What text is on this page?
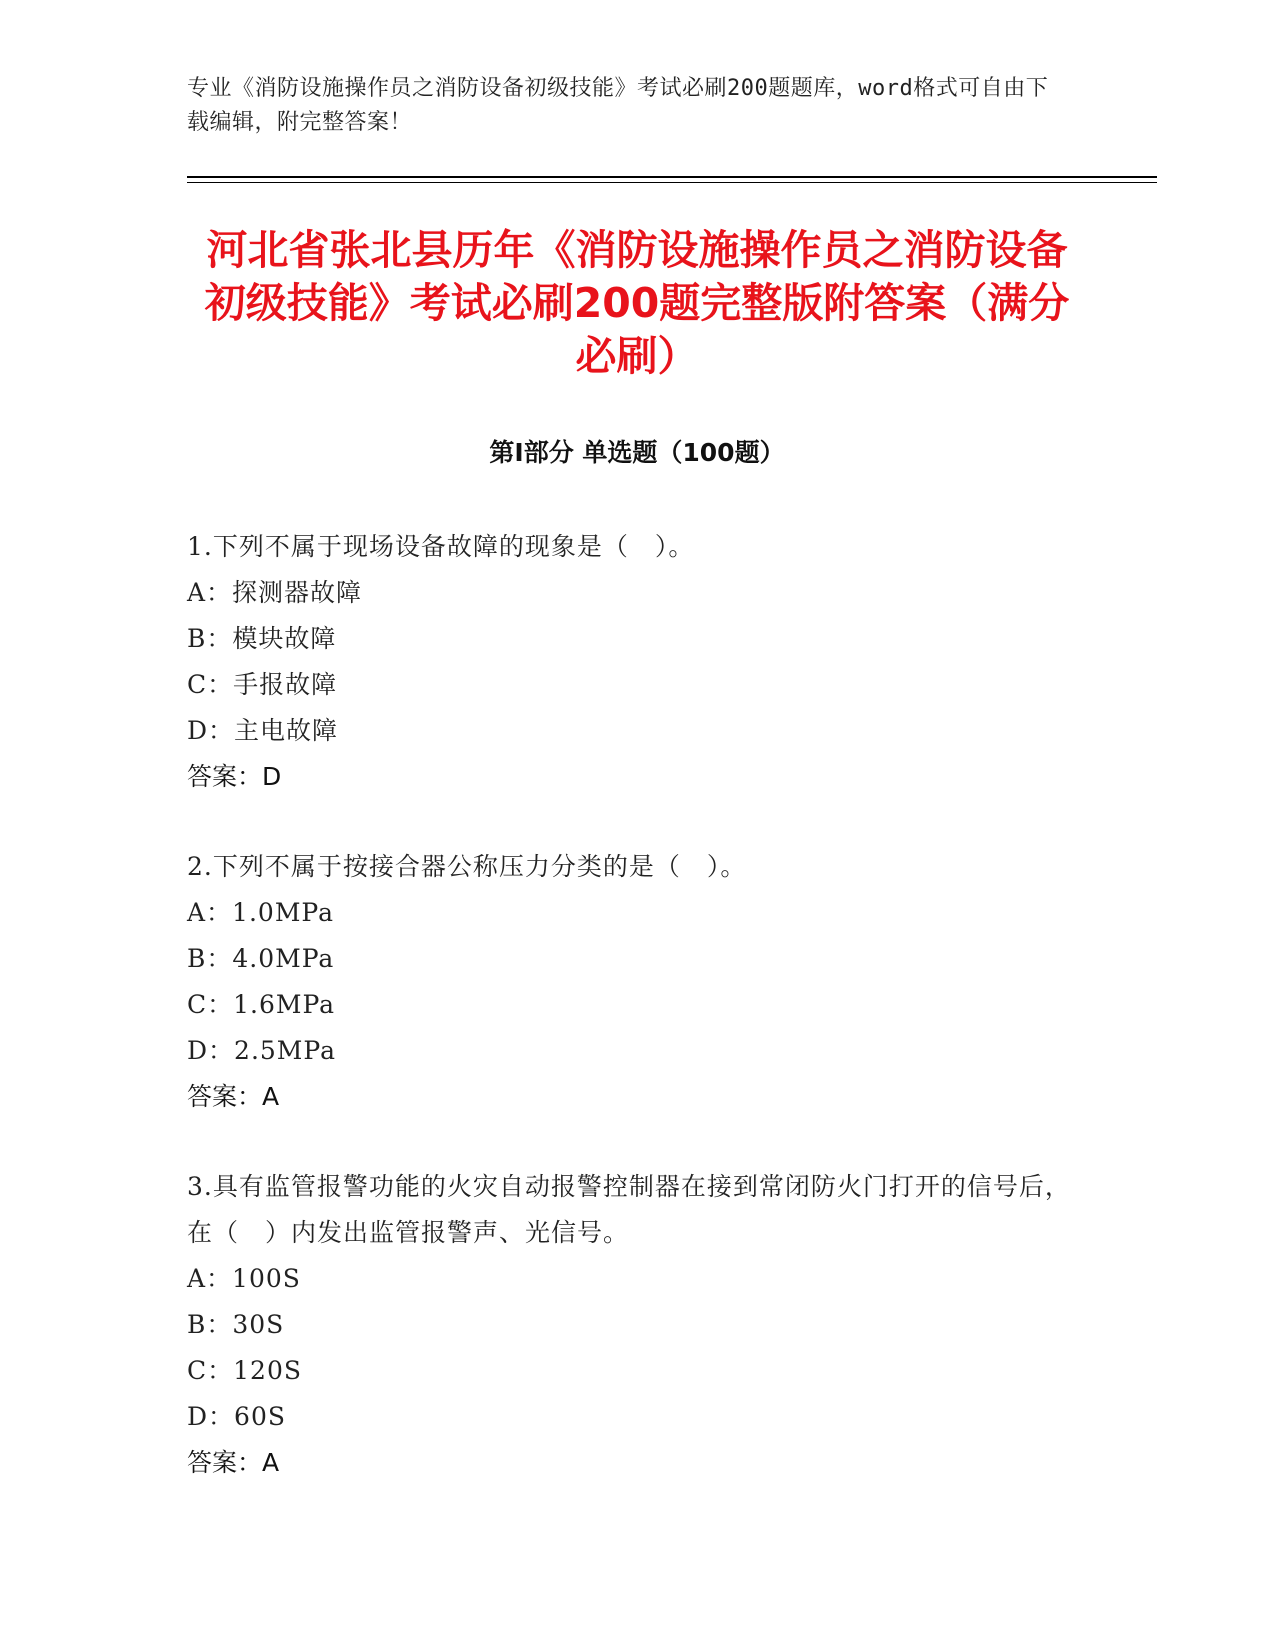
专业《消防设施操作员之消防设备初级技能》考试必刷200题题库，word格式可自由下载编辑，附完整答案！
河北省张北县历年《消防设施操作员之消防设备初级技能》考试必刷200题完整版附答案（满分必刷）
第I部分 单选题（100题）

1.下列不属于现场设备故障的现象是（　）。

A：探测器故障

B：模块故障

C：手报故障

D：主电故障

答案：D

2.下列不属于按接合器公称压力分类的是（　）。

A：1.0MPa

B：4.0MPa

C：1.6MPa

D：2.5MPa

答案：A

3.具有监管报警功能的火灾自动报警控制器在接到常闭防火门打开的信号后，在（　）内发出监管报警声、光信号。

A：100S

B：30S

C：120S

D：60S

答案：A
